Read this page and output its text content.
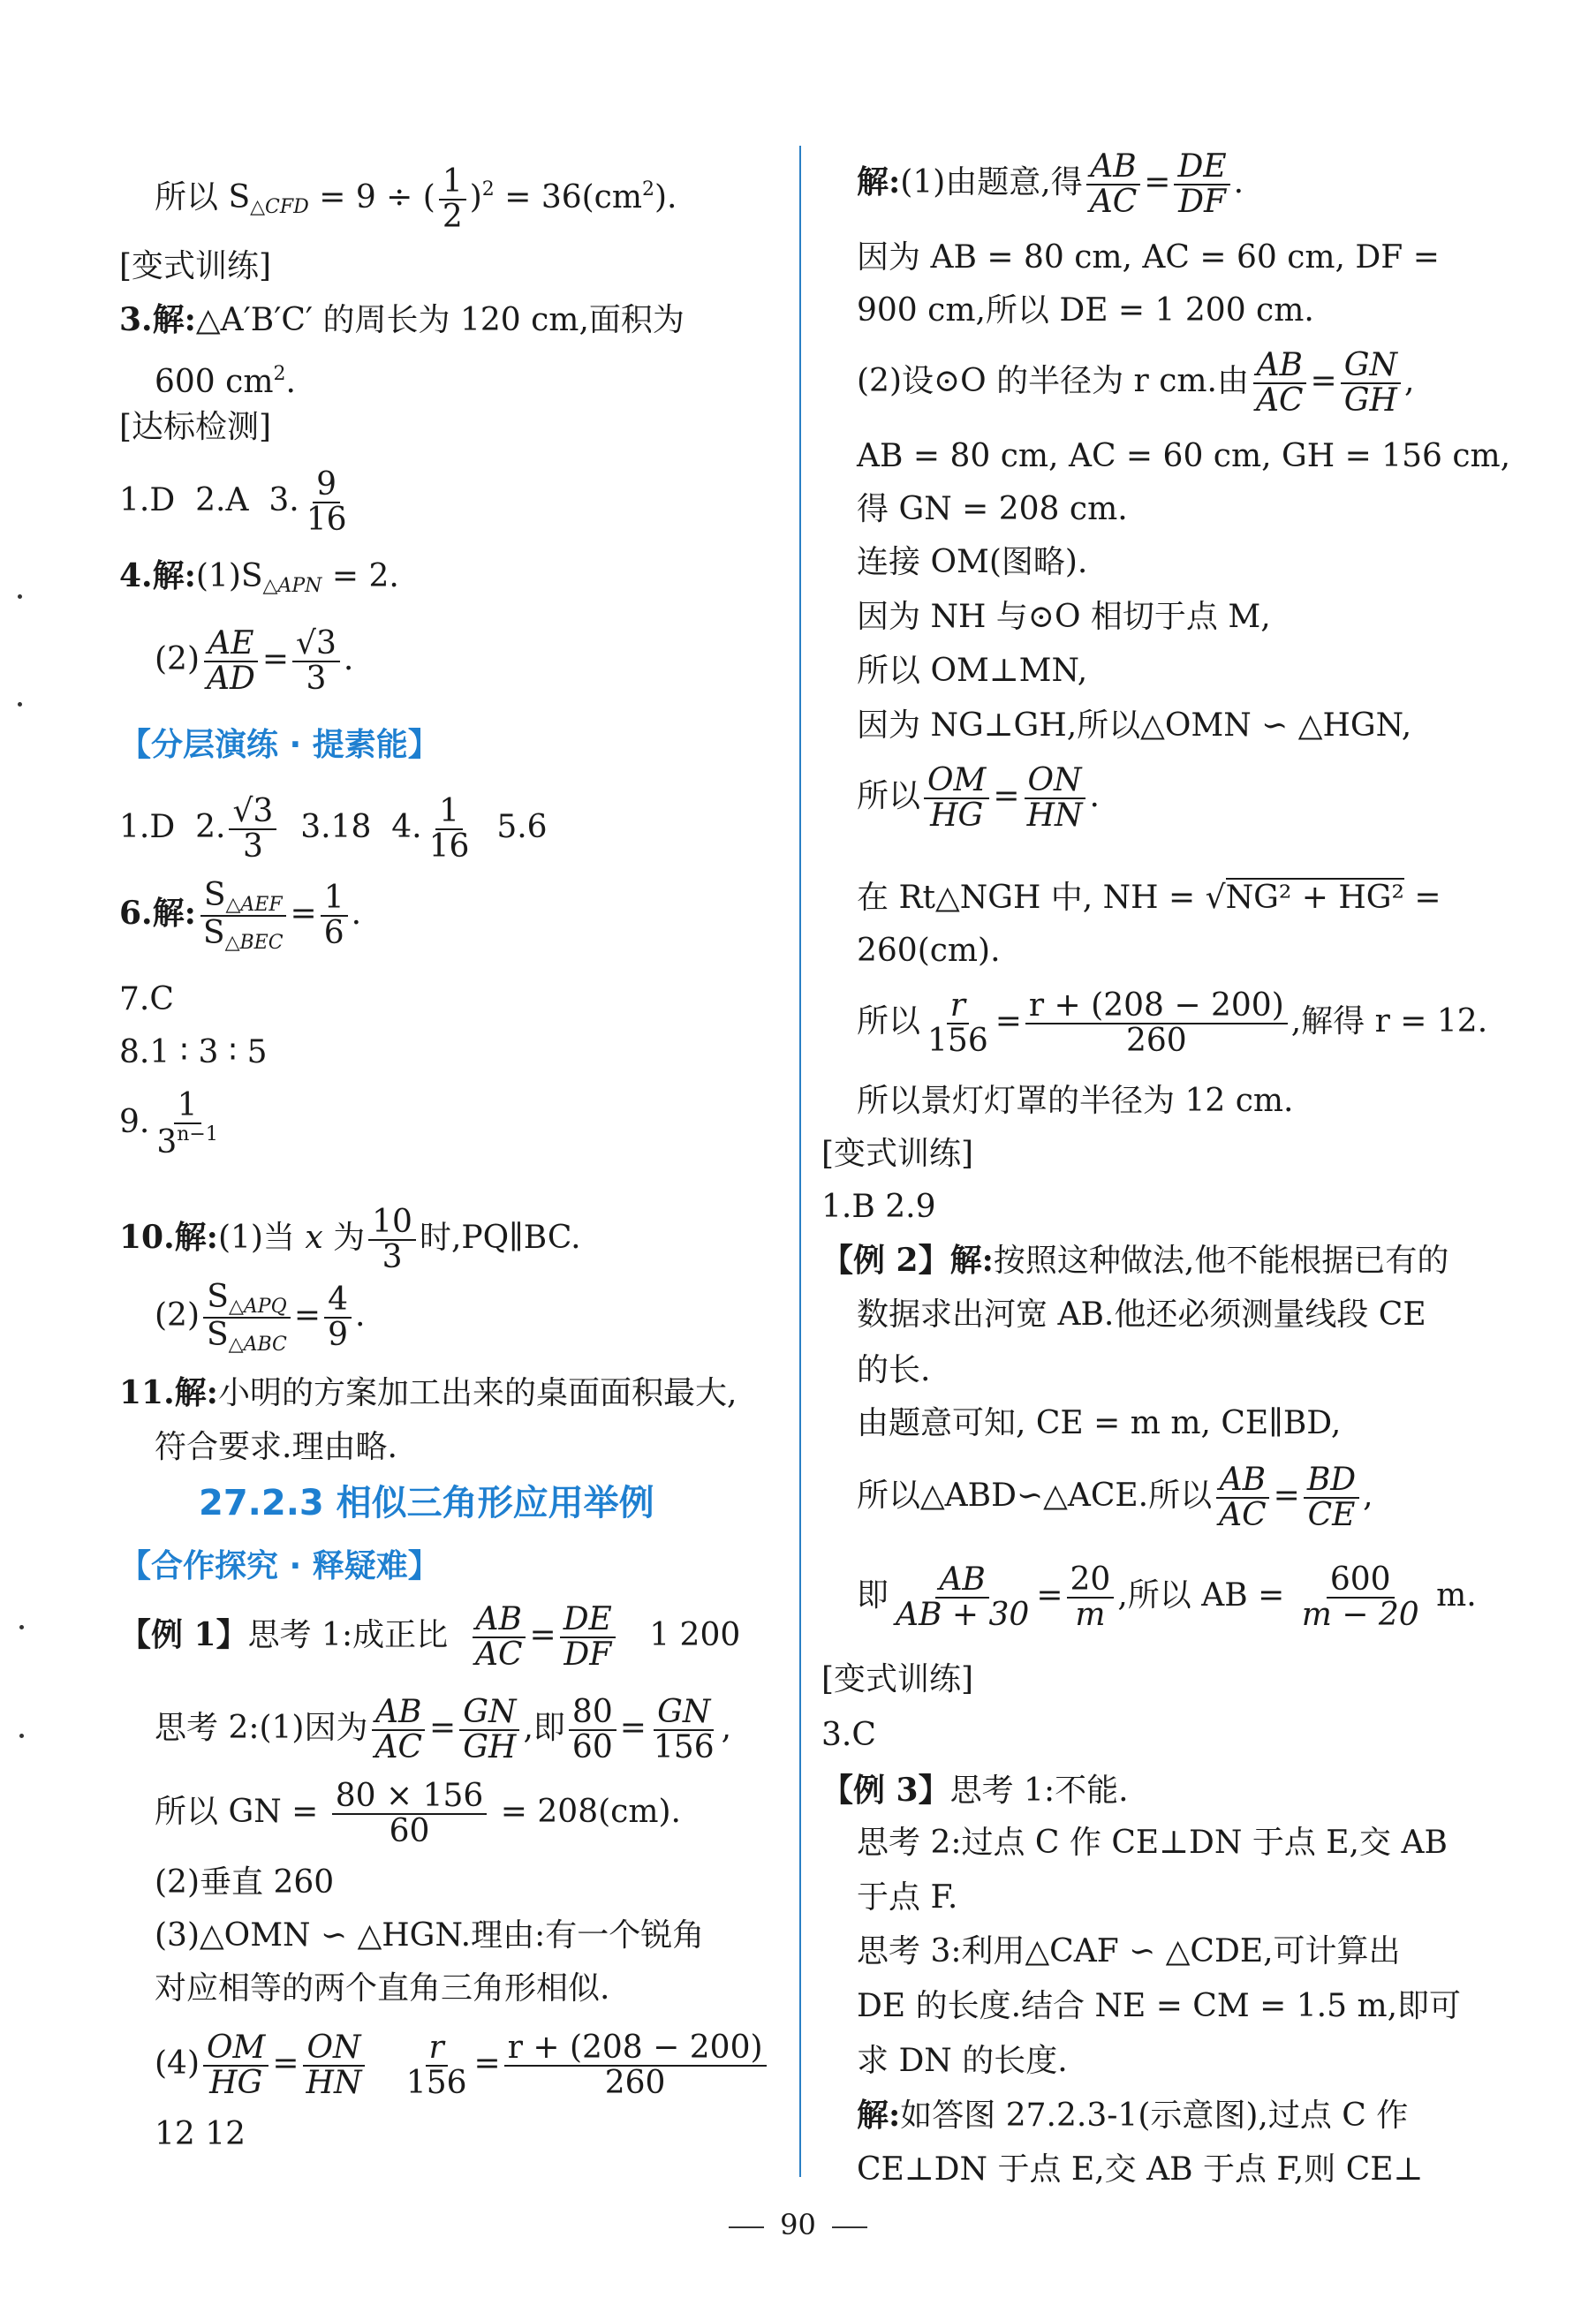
所以 $S_{\triangle CFD} = 9$ ÷ ( $\frac{1}{2} )^2 = 36(cm^2)$.
[变式训练]
3.解:△A′B′C′ 的周长为 120 cm,面积为
600 $cm^2$.
[达标检测]
1.D 2.A 3. $\frac{9}{16}$
4.解$:(1)S_{\triangle APN} = 2$.
$(2) \frac{AE}{AD} = \frac{√3}{3}$ .
【分层演练 · 提素能】
1.D 2. $\frac{√3}{3} 3.18$ 4. $\frac{1}{16} 5.6$
6.解: $\frac{S_{\triangle AEF}}{S_{\triangle BEC}} = \frac{1}{6}$ .
7.C
8.1 ∶ 3 ∶ 5
9. $\frac{1}{3^{n-1}}$
10.解:(1)当 x 为 $\frac{10}{3}$ 时,PQ∥BC.
$(2) \frac{S_{\triangle APQ}}{S_{\triangle ABC}} = \frac{4}{9}$ .
11.解:小明的方案加工出来的桌面面积最大,
符合要求.理由略.
27.2.3 相似三角形应用举例
【合作探究 · 释疑难】
【例 1】思考 1:成正比 $\frac{AB}{AC} = \frac{DE}{DF} 1$ 200
思考 2:(1)因为 $\frac{AB}{AC} = \frac{GN}{GH}$ ,即 $\frac{80}{60} = \frac{GN}{156}$ ,
所以 GN = $\frac{80 \times 156}{60} = 208(cm)$.
(2)垂直 260
(3)△OMN ∽ △HGN.理由:有一个锐角
对应相等的两个直角三角形相似.
$(4) \frac{OM}{HG} = \frac{ON}{HN}$
$\frac{r}{156} = \frac{r + (208 - 200)}{260}$
12 12
解:(1)由题意,得 $\frac{AB}{AC} = \frac{DE}{DF}$ .
因为 AB = 80 cm, AC = 60 cm, DF =
900 cm,所以 DE = 1 200 cm.
(2)设⊙O 的半径为 r cm.由 $\frac{AB}{AC} = \frac{GN}{GH}$ ,
AB = 80 cm, AC = 60 cm, GH = 156 cm,
得 GN = 208 cm.
连接 OM(图略).
因为 NH 与⊙O 相切于点 M,
所以 OM⊥MN,
因为 NG⊥GH,所以△OMN ∽ △HGN,
所以 $\frac{OM}{HG} = \frac{ON}{HN}$ .
在 Rt△NGH 中, NH = √NG² + HG² =
260(cm).
所以 $\frac{r}{156} = \frac{r + (208 - 200)}{260}$ ,解得 r = 12.
所以景灯灯罩的半径为 12 cm.
[变式训练]
1.B 2.9
【例 2】解:按照这种做法,他不能根据已有的
数据求出河宽 AB.他还必须测量线段 CE
的长.
由题意可知, CE = m m, CE∥BD,
所以△ABD∽△ACE.所以 $\frac{AB}{AC} = \frac{BD}{CE}$ ,
即 $\frac{AB}{AB + 30} = \frac{20}{m}$ ,所以 AB = $\frac{600}{m - 20} m$.
[变式训练]
3.C
【例 3】思考 1:不能.
思考 2:过点 C 作 CE⊥DN 于点 E,交 AB
于点 F.
思考 3:利用△CAF ∽ △CDE,可计算出
DE 的长度.结合 NE = CM = 1.5 m,即可
求 DN 的长度.
解:如答图 27.2.3-1(示意图),过点 C 作
CE⊥DN 于点 E,交 AB 于点 F,则 CE⊥
90
